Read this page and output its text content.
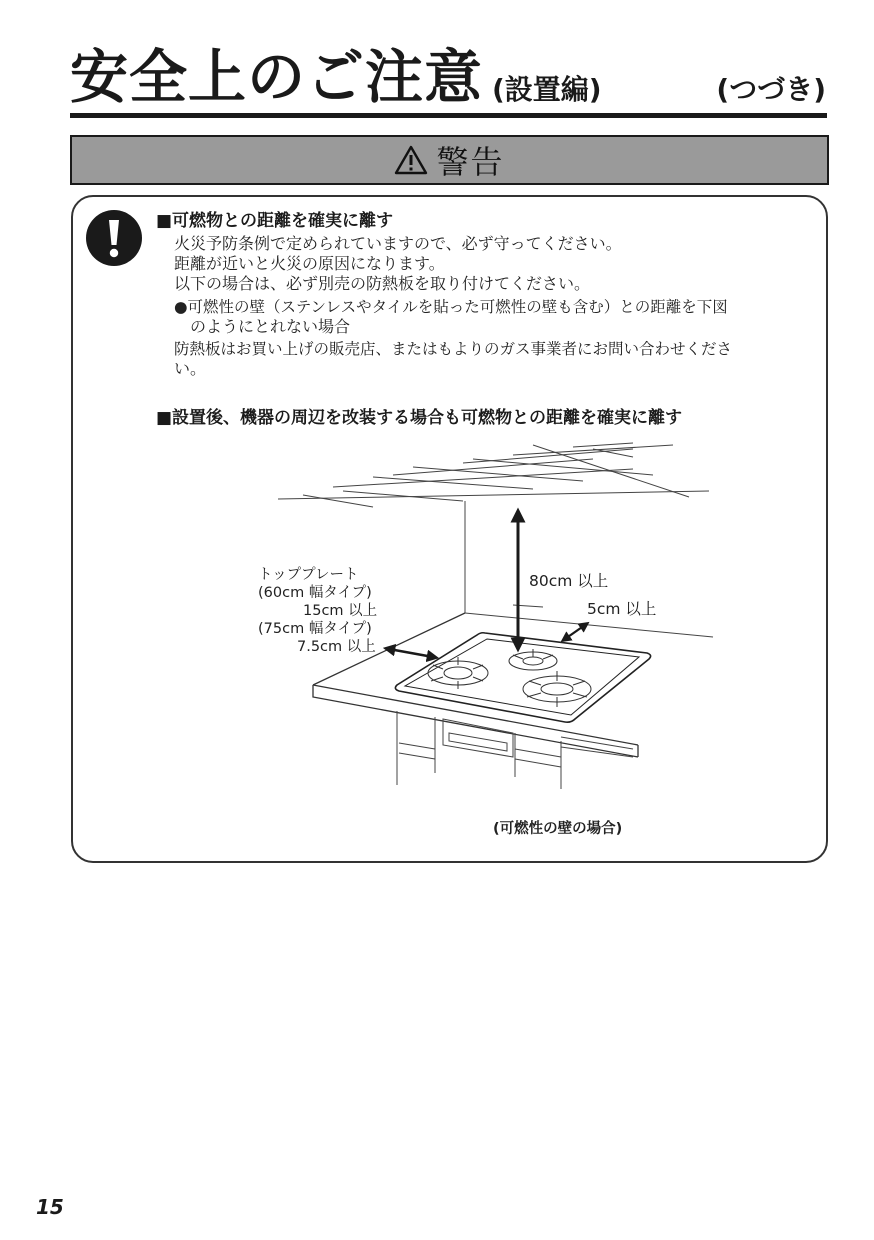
安全上のご注意 (設置編)	(つづき)
警告
■可燃物との距離を確実に離す
火災予防条例で定められていますので、必ず守ってください。
距離が近いと火災の原因になります。
以下の場合は、必ず別売の防熱板を取り付けてください。
●可燃性の壁（ステンレスやタイルを貼った可燃性の壁も含む）との距離を下図
　のようにとれない場合
防熱板はお買い上げの販売店、またはもよりのガス事業者にお問い合わせくださ
い。
■設置後、機器の周辺を改装する場合も可燃物との距離を確実に離す
トッププレート
(60cm 幅タイプ)
15cm 以上
(75cm 幅タイプ)
7.5cm 以上
80cm 以上
5cm 以上
(可燃性の壁の場合)
15
